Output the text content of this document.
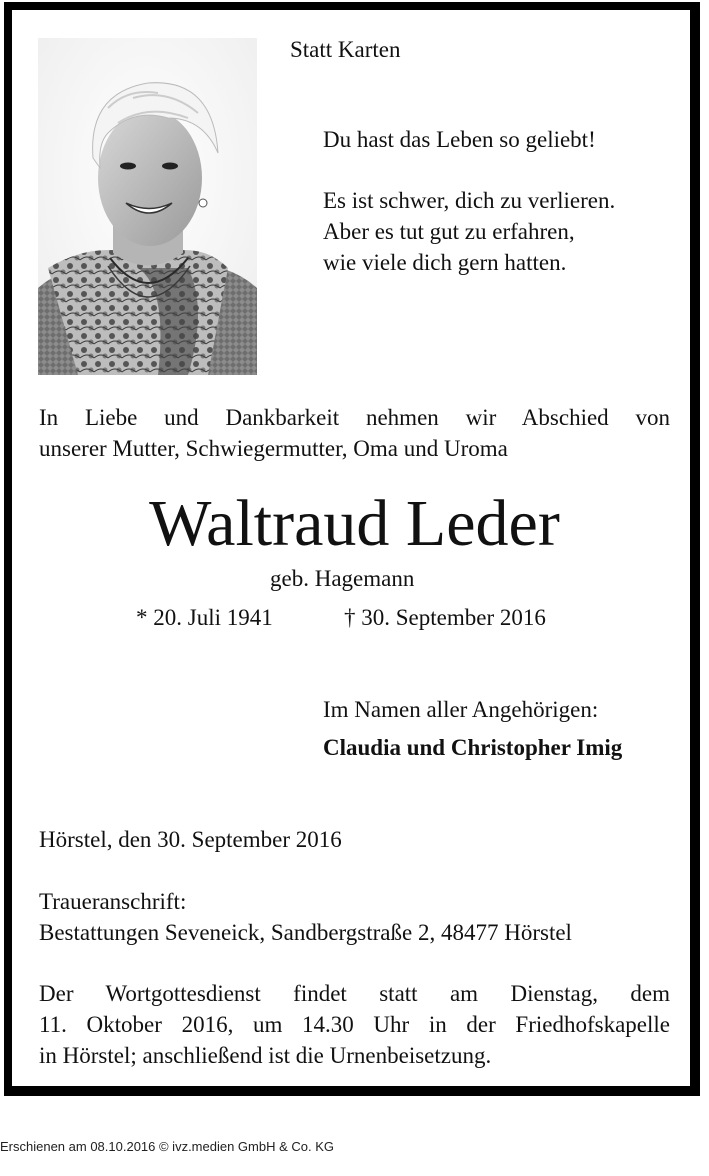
Statt Karten
Du hast das Leben so geliebt!
Es ist schwer, dich zu verlieren.
Aber es tut gut zu erfahren,
wie viele dich gern hatten.
In Liebe und Dankbarkeit nehmen wir Abschied von
unserer Mutter, Schwiegermutter, Oma und Uroma
Waltraud Leder
geb. Hagemann
* 20. Juli 1941	† 30. September 2016
Im Namen aller Angehörigen:
Claudia und Christopher Imig
Hörstel, den 30. September 2016
Traueranschrift:
Bestattungen Seveneick, Sandbergstraße 2, 48477 Hörstel
Der Wortgottesdienst findet statt am Dienstag, dem
11. Oktober 2016, um 14.30 Uhr in der Friedhofskapelle
in Hörstel; anschließend ist die Urnenbeisetzung.
Erschienen am 08.10.2016 © ivz.medien GmbH & Co. KG
